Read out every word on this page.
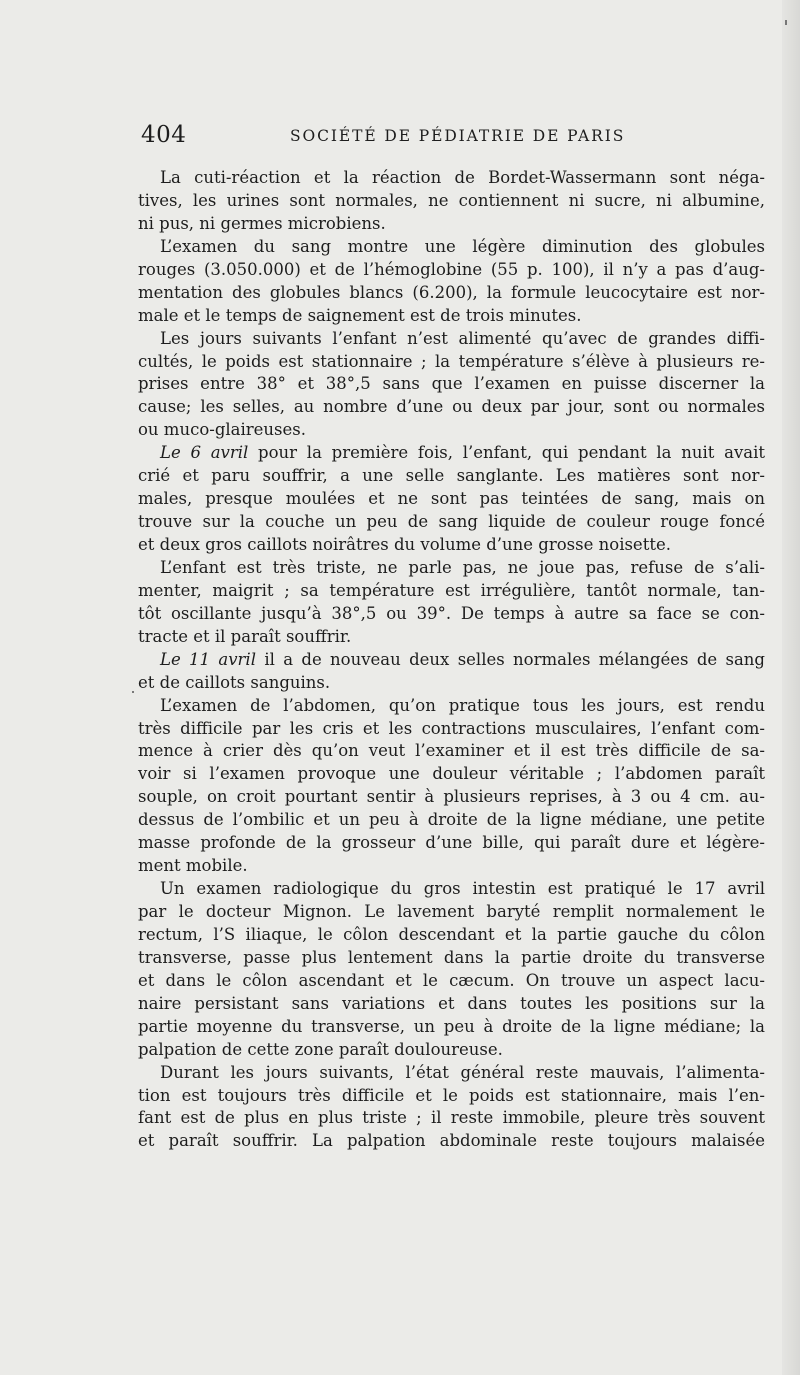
404	SOCIÉTÉ DE PÉDIATRIE DE PARIS
La cuti-réaction et la réaction de Bordet-Wassermann sont néga-
tives, les urines sont normales, ne contiennent ni sucre, ni albumine,
ni pus, ni germes microbiens.
L’examen du sang montre une légère diminution des globules
rouges (3.050.000) et de l’hémoglobine (55 p. 100), il n’y a pas d’aug-
mentation des globules blancs (6.200), la formule leucocytaire est nor-
male et le temps de saignement est de trois minutes.
Les jours suivants l’enfant n’est alimenté qu’avec de grandes diffi-
cultés, le poids est stationnaire ; la température s’élève à plusieurs re-
prises entre 38° et 38°,5 sans que l’examen en puisse discerner la
cause; les selles, au nombre d’une ou deux par jour, sont ou normales
ou muco-glaireuses.
Le 6 avril pour la première fois, l’enfant, qui pendant la nuit avait
crié et paru souffrir, a une selle sanglante. Les matières sont nor-
males, presque moulées et ne sont pas teintées de sang, mais on
trouve sur la couche un peu de sang liquide de couleur rouge foncé
et deux gros caillots noirâtres du volume d’une grosse noisette.
L’enfant est très triste, ne parle pas, ne joue pas, refuse de s’ali-
menter, maigrit ; sa température est irrégulière, tantôt normale, tan-
tôt oscillante jusqu’à 38°,5 ou 39°. De temps à autre sa face se con-
tracte et il paraît souffrir.
Le 11 avril il a de nouveau deux selles normales mélangées de sang
et de caillots sanguins.
L’examen de l’abdomen, qu’on pratique tous les jours, est rendu
très difficile par les cris et les contractions musculaires, l’enfant com-
mence à crier dès qu’on veut l’examiner et il est très difficile de sa-
voir si l’examen provoque une douleur véritable ; l’abdomen paraît
souple, on croit pourtant sentir à plusieurs reprises, à 3 ou 4 cm. au-
dessus de l’ombilic et un peu à droite de la ligne médiane, une petite
masse profonde de la grosseur d’une bille, qui paraît dure et légère-
ment mobile.
Un examen radiologique du gros intestin est pratiqué le 17 avril
par le docteur Mignon. Le lavement baryté remplit normalement le
rectum, l’S iliaque, le côlon descendant et la partie gauche du côlon
transverse, passe plus lentement dans la partie droite du transverse
et dans le côlon ascendant et le cæcum. On trouve un aspect lacu-
naire persistant sans variations et dans toutes les positions sur la
partie moyenne du transverse, un peu à droite de la ligne médiane; la
palpation de cette zone paraît douloureuse.
Durant les jours suivants, l’état général reste mauvais, l’alimenta-
tion est toujours très difficile et le poids est stationnaire, mais l’en-
fant est de plus en plus triste ; il reste immobile, pleure très souvent
et paraît souffrir. La palpation abdominale reste toujours malaisée
